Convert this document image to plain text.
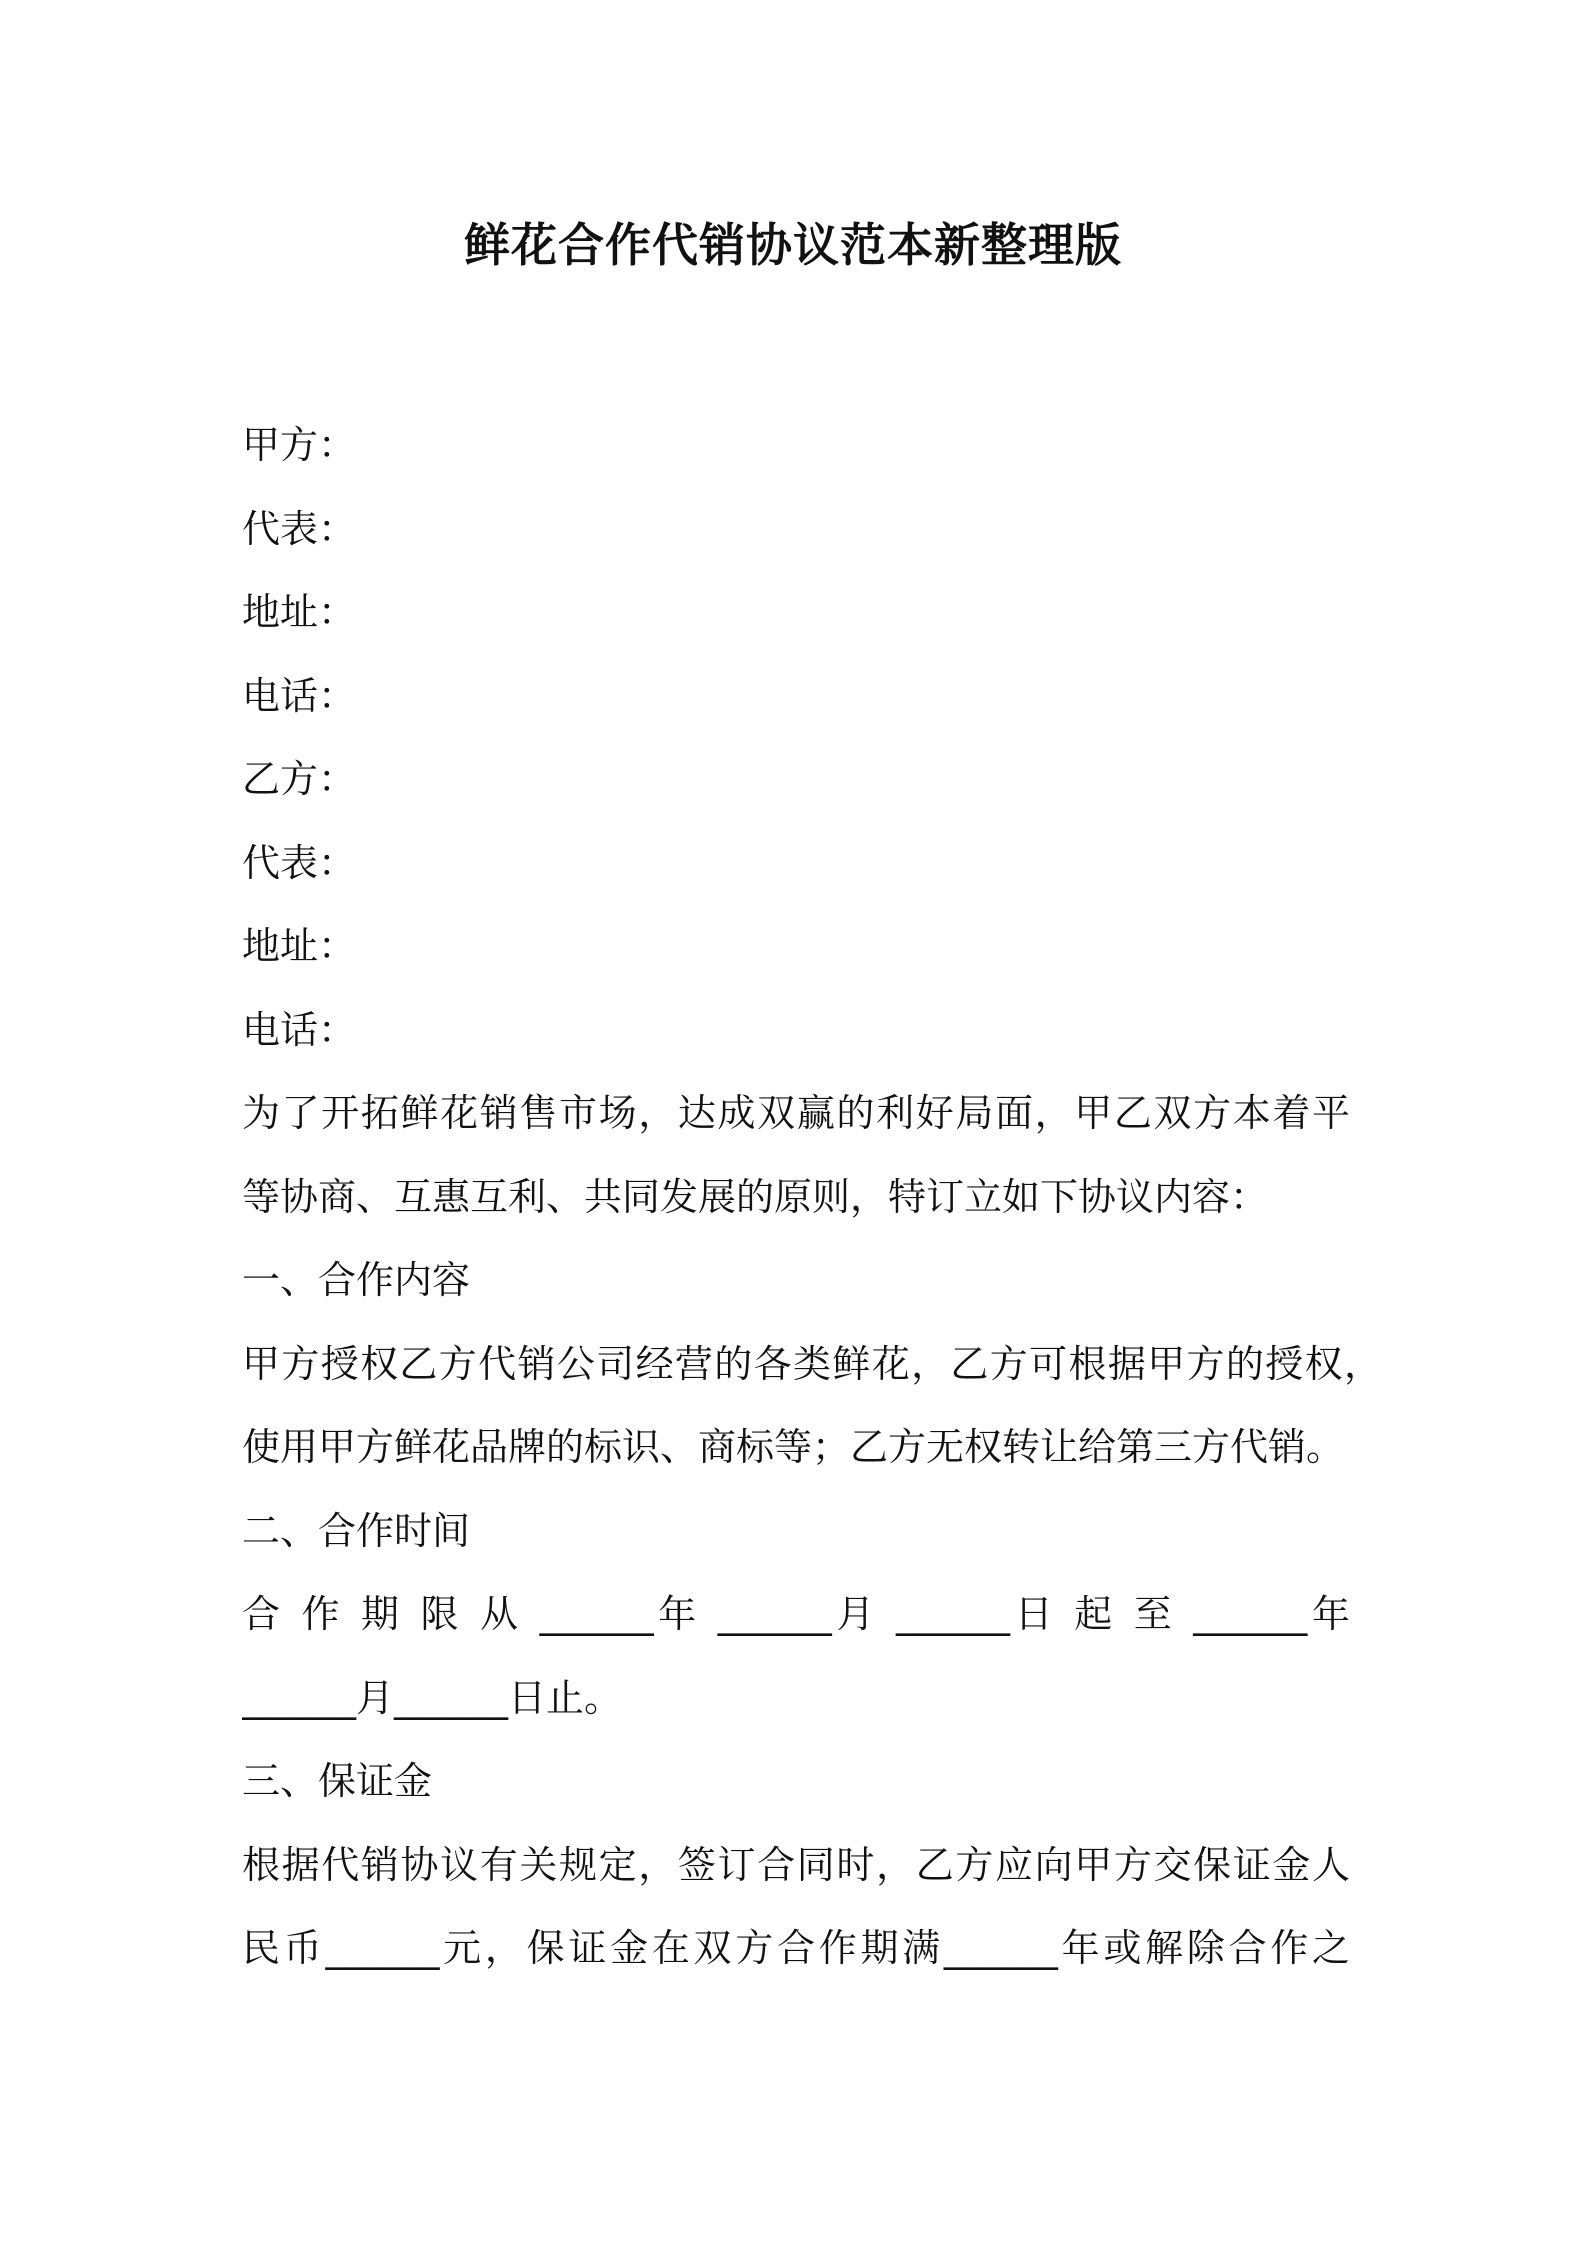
鲜花合作代销协议范本新整理版
甲方：
代表：
地址：
电话：
乙方：
代表：
地址：
电话：
为了开拓鲜花销售市场，达成双赢的利好局面，甲乙双方本着平
等协商、互惠互利、共同发展的原则，特订立如下协议内容：
一、合作内容
甲方授权乙方代销公司经营的各类鲜花，乙方可根据甲方的授权，
使用甲方鲜花品牌的标识、商标等；乙方无权转让给第三方代销。
二、合作时间
合 作 期 限 从 ______年 ______月 ______日 起 至 ______年
______月______日止。
三、保证金
根据代销协议有关规定，签订合同时，乙方应向甲方交保证金人
民币______元，保证金在双方合作期满______年或解除合作之
